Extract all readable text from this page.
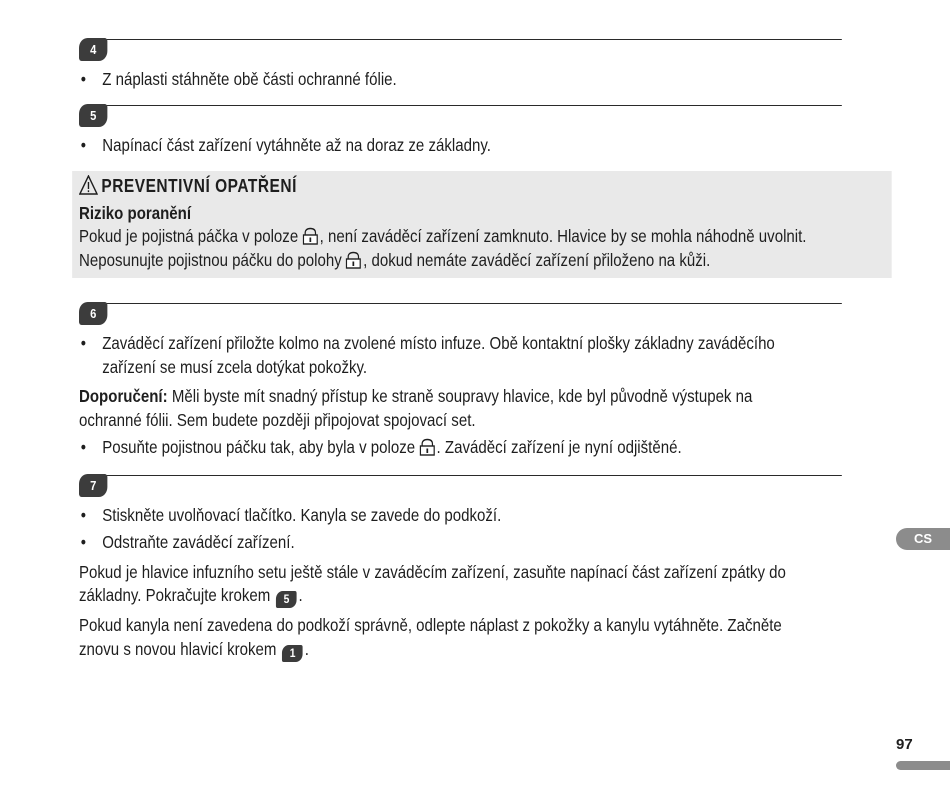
4
• Z náplasti stáhněte obě části ochranné fólie.
5
• Napínací část zařízení vytáhněte až na doraz ze základny.
PREVENTIVNÍ OPATŘENÍ
Riziko poranění
Pokud je pojistná páčka v poloze , není zaváděcí zařízení zamknuto. Hlavice by se mohla náhodně uvolnit.
Neposunujte pojistnou páčku do polohy , dokud nemáte zaváděcí zařízení přiloženo na kůži.
6
• Zaváděcí zařízení přiložte kolmo na zvolené místo infuze. Obě kontaktní plošky základny zaváděcího zařízení se musí zcela dotýkat pokožky.
Doporučení: Měli byste mít snadný přístup ke straně soupravy hlavice, kde byl původně výstupek na ochranné fólii. Sem budete později připojovat spojovací set.
• Posuňte pojistnou páčku tak, aby byla v poloze . Zaváděcí zařízení je nyní odjištěné.
7
• Stiskněte uvolňovací tlačítko. Kanyla se zavede do podkoží.
• Odstraňte zaváděcí zařízení.
Pokud je hlavice infuzního setu ještě stále v zaváděcím zařízení, zasuňte napínací část zařízení zpátky do základny. Pokračujte krokem 5 .
Pokud kanyla není zavedena do podkoží správně, odlepte náplast z pokožky a kanylu vytáhněte. Začněte znovu s novou hlavicí krokem 1 .
CS
97
